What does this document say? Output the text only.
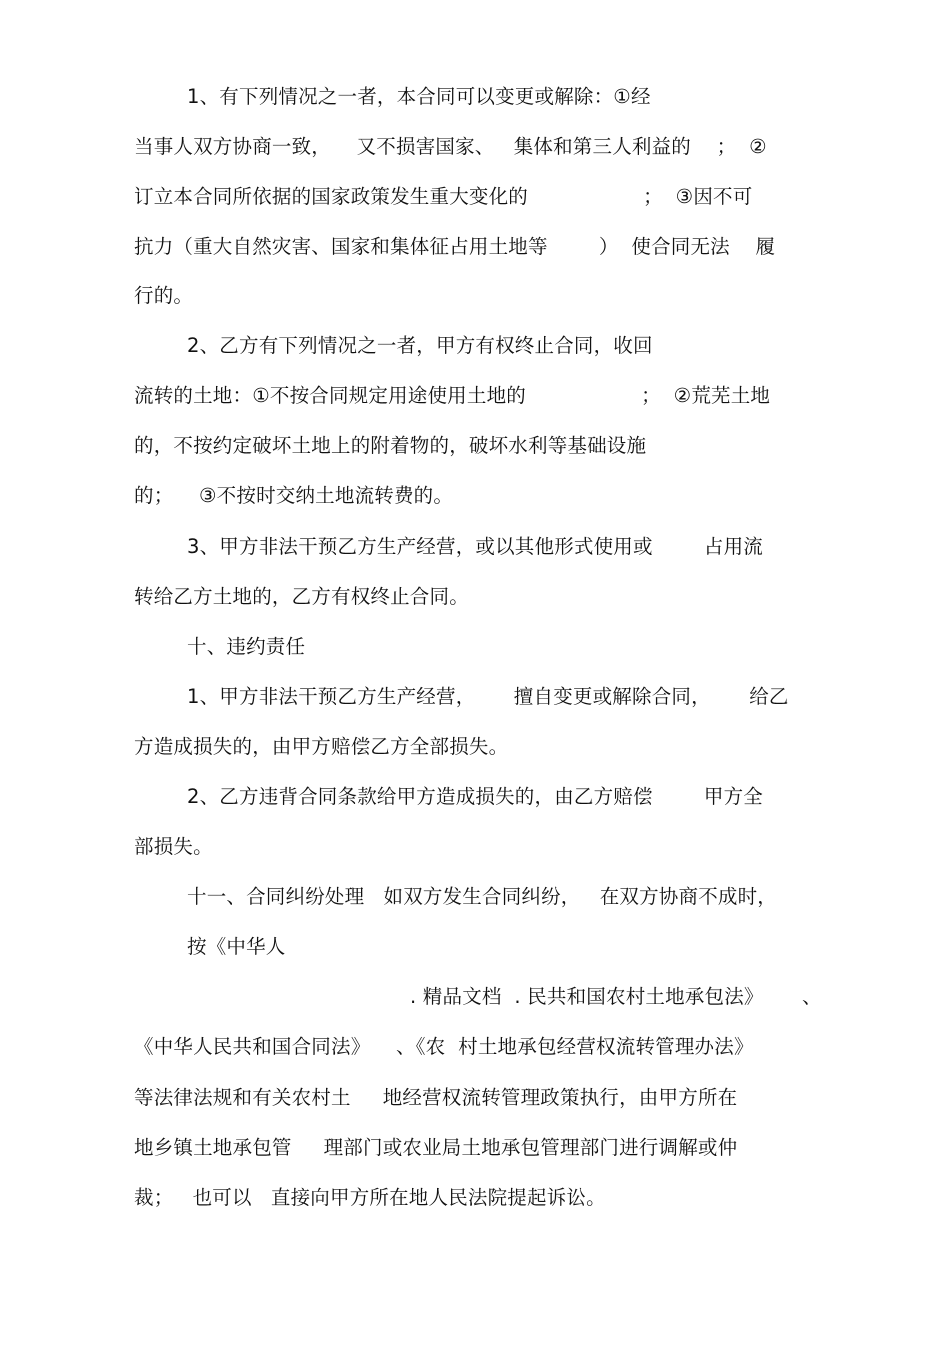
1、有下列情况之一者，本合同可以变更或解除：①经
当事人双方协商一致，    又不损害国家、   集体和第三人利益的    ；  ②
订立本合同所依据的国家政策发生重大变化的                  ；  ③因不可
抗力（重大自然灾害、国家和集体征占用土地等        ）  使合同无法    履
行的。
2、乙方有下列情况之一者，甲方有权终止合同，收回
流转的土地：①不按合同规定用途使用土地的                  ；  ②荒芜土地
的，不按约定破坏土地上的附着物的，破坏水利等基础设施
的；    ③不按时交纳土地流转费的。
3、甲方非法干预乙方生产经营，或以其他形式使用或        占用流
转给乙方土地的，乙方有权终止合同。
十、违约责任
1、甲方非法干预乙方生产经营，      擅自变更或解除合同，      给乙
方造成损失的，由甲方赔偿乙方全部损失。
2、乙方违背合同条款给甲方造成损失的，由乙方赔偿        甲方全
部损失。
十一、合同纠纷处理   如双方发生合同纠纷，   在双方协商不成时，
按《中华人
. 精品文档  . 民共和国农村土地承包法》      、
《中华人民共和国合同法》    、《农  村土地承包经营权流转管理办法》
等法律法规和有关农村土     地经营权流转管理政策执行，由甲方所在
地乡镇土地承包管     理部门或农业局土地承包管理部门进行调解或仲
裁；   也可以   直接向甲方所在地人民法院提起诉讼。
